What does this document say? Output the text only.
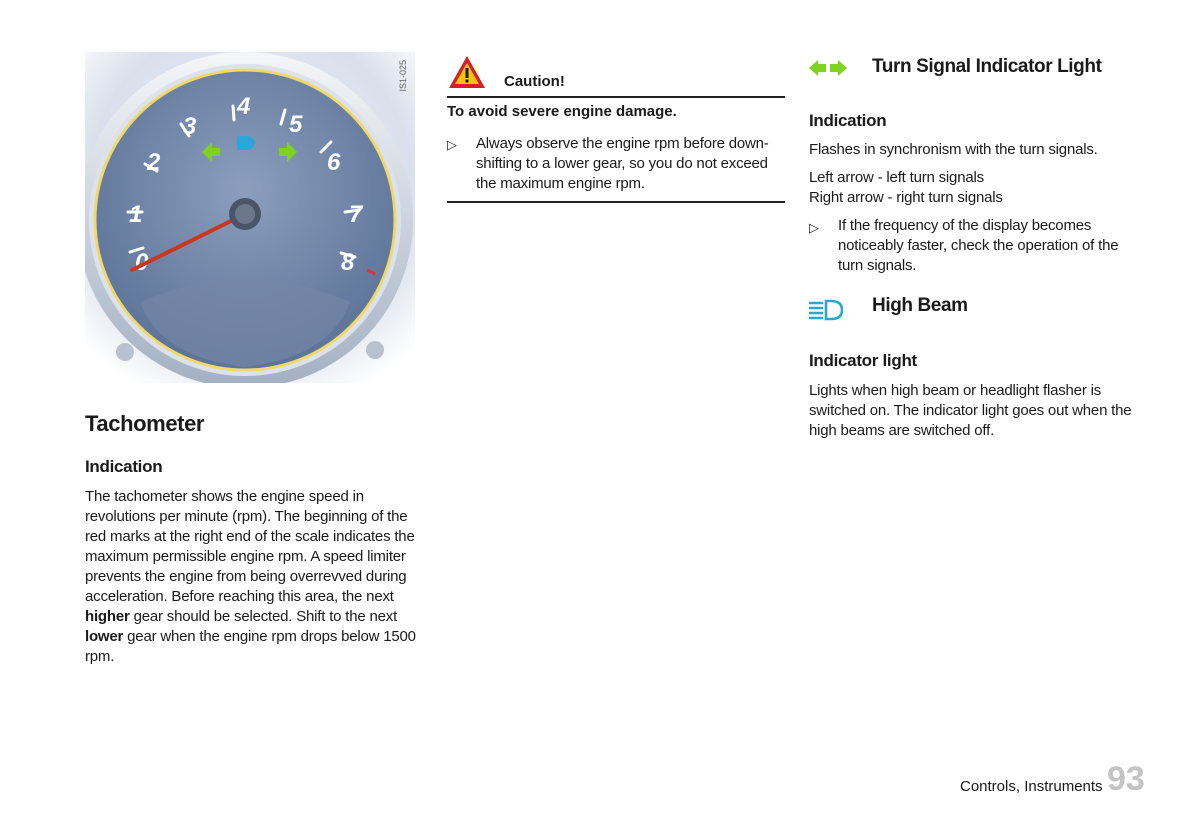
0
1
2
3
4
5
6
7
8
IS1-025
Tachometer
Indication

The tachometer shows the engine speed in revolutions per minute (rpm). The beginning of the red marks at the right end of the scale indicates the maximum permissible engine rpm. A speed limiter prevents the engine from being overrevved during acceleration. Before reaching this area, the next higher gear should be selected. Shift to the next lower gear when the engine rpm drops below 1500 rpm.

Caution!
To avoid severe engine damage.
▷ Always observe the engine rpm before down-shifting to a lower gear, so you do not exceed the maximum engine rpm.

Turn Signal Indicator Light
Indication

Flashes in synchronism with the turn signals.

Left arrow - left turn signals
Right arrow - right turn signals
▷ If the frequency of the display becomes noticeably faster, check the operation of the turn signals.

High Beam
Indicator light

Lights when high beam or headlight flasher is switched on. The indicator light goes out when the high beams are switched off.

Controls, Instruments 93
